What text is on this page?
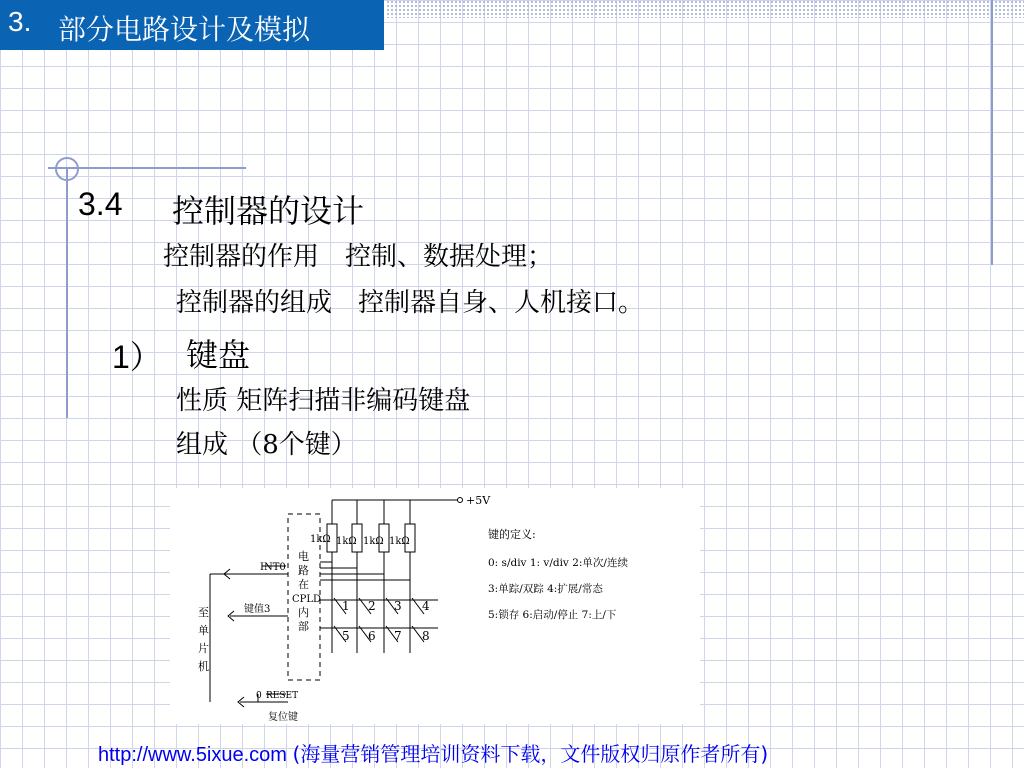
3. 部分电路设计及模拟
3.4 控制器的设计
控制器的作用　控制、数据处理；
控制器的组成　控制器自身、人机接口。
1） 键盘
性质 矩阵扫描非编码键盘
组成 （8个键）
+5V
1kΩ 1kΩ 1kΩ 1kΩ
电
路
在
CPLD
内
部
INT0
键值3
RESET
0
复位键
至
单
片
机
1 2 3 4
5 6 7 8
键的定义:
0: s/div 1: v/div 2:单次/连续
3:单踪/双踪 4:扩展/常态
5:锁存 6:启动/停止 7:上/下
http://www.5ixue.com (海量营销管理培训资料下载，文件版权归原作者所有)
